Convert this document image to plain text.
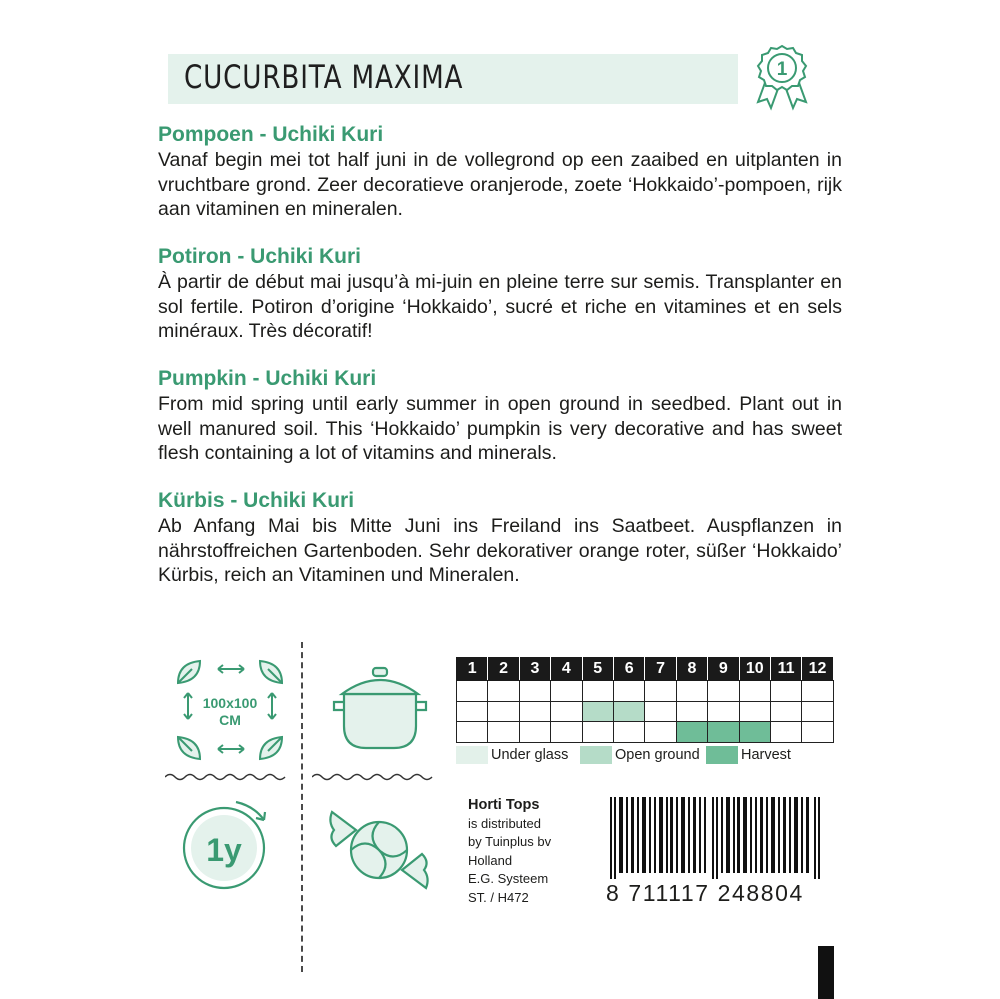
CUCURBITA MAXIMA	1

Pompoen - Uchiki Kuri

Vanaf begin mei tot half juni in de vollegrond op een zaaibed en uitplanten in vruchtbare grond. Zeer decoratieve oranjerode, zoete ‘Hokkaido’-pompoen, rijk aan vitaminen en mineralen.

Potiron - Uchiki Kuri

À partir de début mai jusqu’à mi-juin en pleine terre sur semis. Transplanter en sol fertile. Potiron d’origine ‘Hokkaido’, sucré et riche en vitamines et en sels minéraux. Très décoratif!

Pumpkin - Uchiki Kuri

From mid spring until early summer in open ground in seedbed. Plant out in well manured soil. This ‘Hokkaido’ pumpkin is very decorative and has sweet flesh containing a lot of vitamins and minerals.

Kürbis - Uchiki Kuri

Ab Anfang Mai bis Mitte Juni ins Freiland ins Saatbeet. Auspflanzen in nährstoffreichen Gartenboden. Sehr dekorativer orange roter, süßer ‘Hokkaido’ Kürbis, reich an Vitaminen und Mineralen.

100x100
CM
1y
1	2	3	4	5	6	7	8	9	10	11	12

Under glass	Open ground	Harvest
Horti Tops
is distributed
by Tuinplus bv
Holland
E.G. Systeem
ST. / H472	8 711117 248804
